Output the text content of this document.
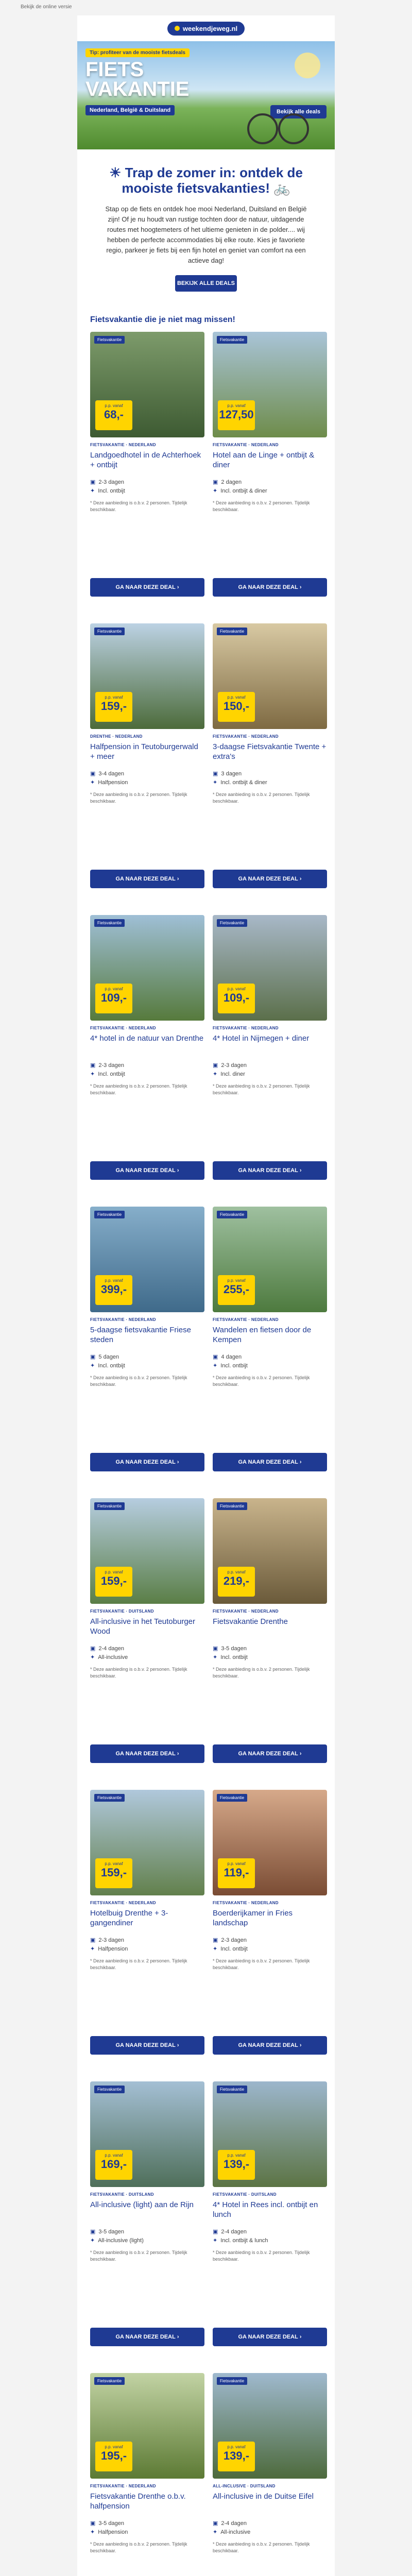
Bekijk de online versie
weekendjeweg.nl
Tip: profiteer van de mooiste fietsdeals
FIETS
VAKANTIE
Nederland, België & Duitsland	Bekijk alle deals
☀ Trap de zomer in: ontdek de mooiste fietsvakanties! 🚲

Stap op de fiets en ontdek hoe mooi Nederland, Duitsland en België zijn! Of je nu houdt van rustige tochten door de natuur, uitdagende routes met hoogtemeters of het ultieme genieten in de polder.... wij hebben de perfecte accommodaties bij elke route. Kies je favoriete regio, parkeer je fiets bij een fijn hotel en geniet van comfort na een actieve dag!

BEKIJK ALLE DEALS
Fietsvakantie die je niet mag missen!
Fietsvakantie
p.p. vanaf
68,-
FIETSVAKANTIE · NEDERLAND
Landgoedhotel in de Achterhoek + ontbijt
▣ 2-3 dagen
✦ Incl. ontbijt
* Deze aanbieding is o.b.v. 2 personen. Tijdelijk beschikbaar.
GA NAAR DEZE DEAL ›
Fietsvakantie
p.p. vanaf
127,50
FIETSVAKANTIE · NEDERLAND
Hotel aan de Linge + ontbijt & diner
▣ 2 dagen
✦ Incl. ontbijt & diner
* Deze aanbieding is o.b.v. 2 personen. Tijdelijk beschikbaar.
GA NAAR DEZE DEAL ›
Fietsvakantie
p.p. vanaf
159,-
DRENTHE · NEDERLAND
Halfpension in Teutoburgerwald + meer
▣ 3-4 dagen
✦ Halfpension
* Deze aanbieding is o.b.v. 2 personen. Tijdelijk beschikbaar.
GA NAAR DEZE DEAL ›
Fietsvakantie
p.p. vanaf
150,-
FIETSVAKANTIE · NEDERLAND
3-daagse Fietsvakantie Twente + extra's
▣ 3 dagen
✦ Incl. ontbijt & diner
* Deze aanbieding is o.b.v. 2 personen. Tijdelijk beschikbaar.
GA NAAR DEZE DEAL ›
Fietsvakantie
p.p. vanaf
109,-
FIETSVAKANTIE · NEDERLAND
4* hotel in de natuur van Drenthe
▣ 2-3 dagen
✦ Incl. ontbijt
* Deze aanbieding is o.b.v. 2 personen. Tijdelijk beschikbaar.
GA NAAR DEZE DEAL ›
Fietsvakantie
p.p. vanaf
109,-
FIETSVAKANTIE · NEDERLAND
4* Hotel in Nijmegen + diner
▣ 2-3 dagen
✦ Incl. diner
* Deze aanbieding is o.b.v. 2 personen. Tijdelijk beschikbaar.
GA NAAR DEZE DEAL ›
Fietsvakantie
p.p. vanaf
399,-
FIETSVAKANTIE · NEDERLAND
5-daagse fietsvakantie Friese steden
▣ 5 dagen
✦ Incl. ontbijt
* Deze aanbieding is o.b.v. 2 personen. Tijdelijk beschikbaar.
GA NAAR DEZE DEAL ›
Fietsvakantie
p.p. vanaf
255,-
FIETSVAKANTIE · NEDERLAND
Wandelen en fietsen door de Kempen
▣ 4 dagen
✦ Incl. ontbijt
* Deze aanbieding is o.b.v. 2 personen. Tijdelijk beschikbaar.
GA NAAR DEZE DEAL ›
Fietsvakantie
p.p. vanaf
159,-
FIETSVAKANTIE · DUITSLAND
All-inclusive in het Teutoburger Wood
▣ 2-4 dagen
✦ All-inclusive
* Deze aanbieding is o.b.v. 2 personen. Tijdelijk beschikbaar.
GA NAAR DEZE DEAL ›
Fietsvakantie
p.p. vanaf
219,-
FIETSVAKANTIE · NEDERLAND
Fietsvakantie Drenthe
▣ 3-5 dagen
✦ Incl. ontbijt
* Deze aanbieding is o.b.v. 2 personen. Tijdelijk beschikbaar.
GA NAAR DEZE DEAL ›
Fietsvakantie
p.p. vanaf
159,-
FIETSVAKANTIE · NEDERLAND
Hotelbuig Drenthe + 3-gangendiner
▣ 2-3 dagen
✦ Halfpension
* Deze aanbieding is o.b.v. 2 personen. Tijdelijk beschikbaar.
GA NAAR DEZE DEAL ›
Fietsvakantie
p.p. vanaf
119,-
FIETSVAKANTIE · NEDERLAND
Boerderijkamer in Fries landschap
▣ 2-3 dagen
✦ Incl. ontbijt
* Deze aanbieding is o.b.v. 2 personen. Tijdelijk beschikbaar.
GA NAAR DEZE DEAL ›
Fietsvakantie
p.p. vanaf
169,-
FIETSVAKANTIE · DUITSLAND
All-inclusive (light) aan de Rijn
▣ 3-5 dagen
✦ All-inclusive (light)
* Deze aanbieding is o.b.v. 2 personen. Tijdelijk beschikbaar.
GA NAAR DEZE DEAL ›
Fietsvakantie
p.p. vanaf
139,-
FIETSVAKANTIE · DUITSLAND
4* Hotel in Rees incl. ontbijt en lunch
▣ 2-4 dagen
✦ Incl. ontbijt & lunch
* Deze aanbieding is o.b.v. 2 personen. Tijdelijk beschikbaar.
GA NAAR DEZE DEAL ›
Fietsvakantie
p.p. vanaf
195,-
FIETSVAKANTIE · NEDERLAND
Fietsvakantie Drenthe o.b.v. halfpension
▣ 3-5 dagen
✦ Halfpension
* Deze aanbieding is o.b.v. 2 personen. Tijdelijk beschikbaar.
Fietsvakantie
p.p. vanaf
139,-
ALL-INCLUSIVE · DUITSLAND
All-inclusive in de Duitse Eifel
▣ 2-4 dagen
✦ All-inclusive
* Deze aanbieding is o.b.v. 2 personen. Tijdelijk beschikbaar.
